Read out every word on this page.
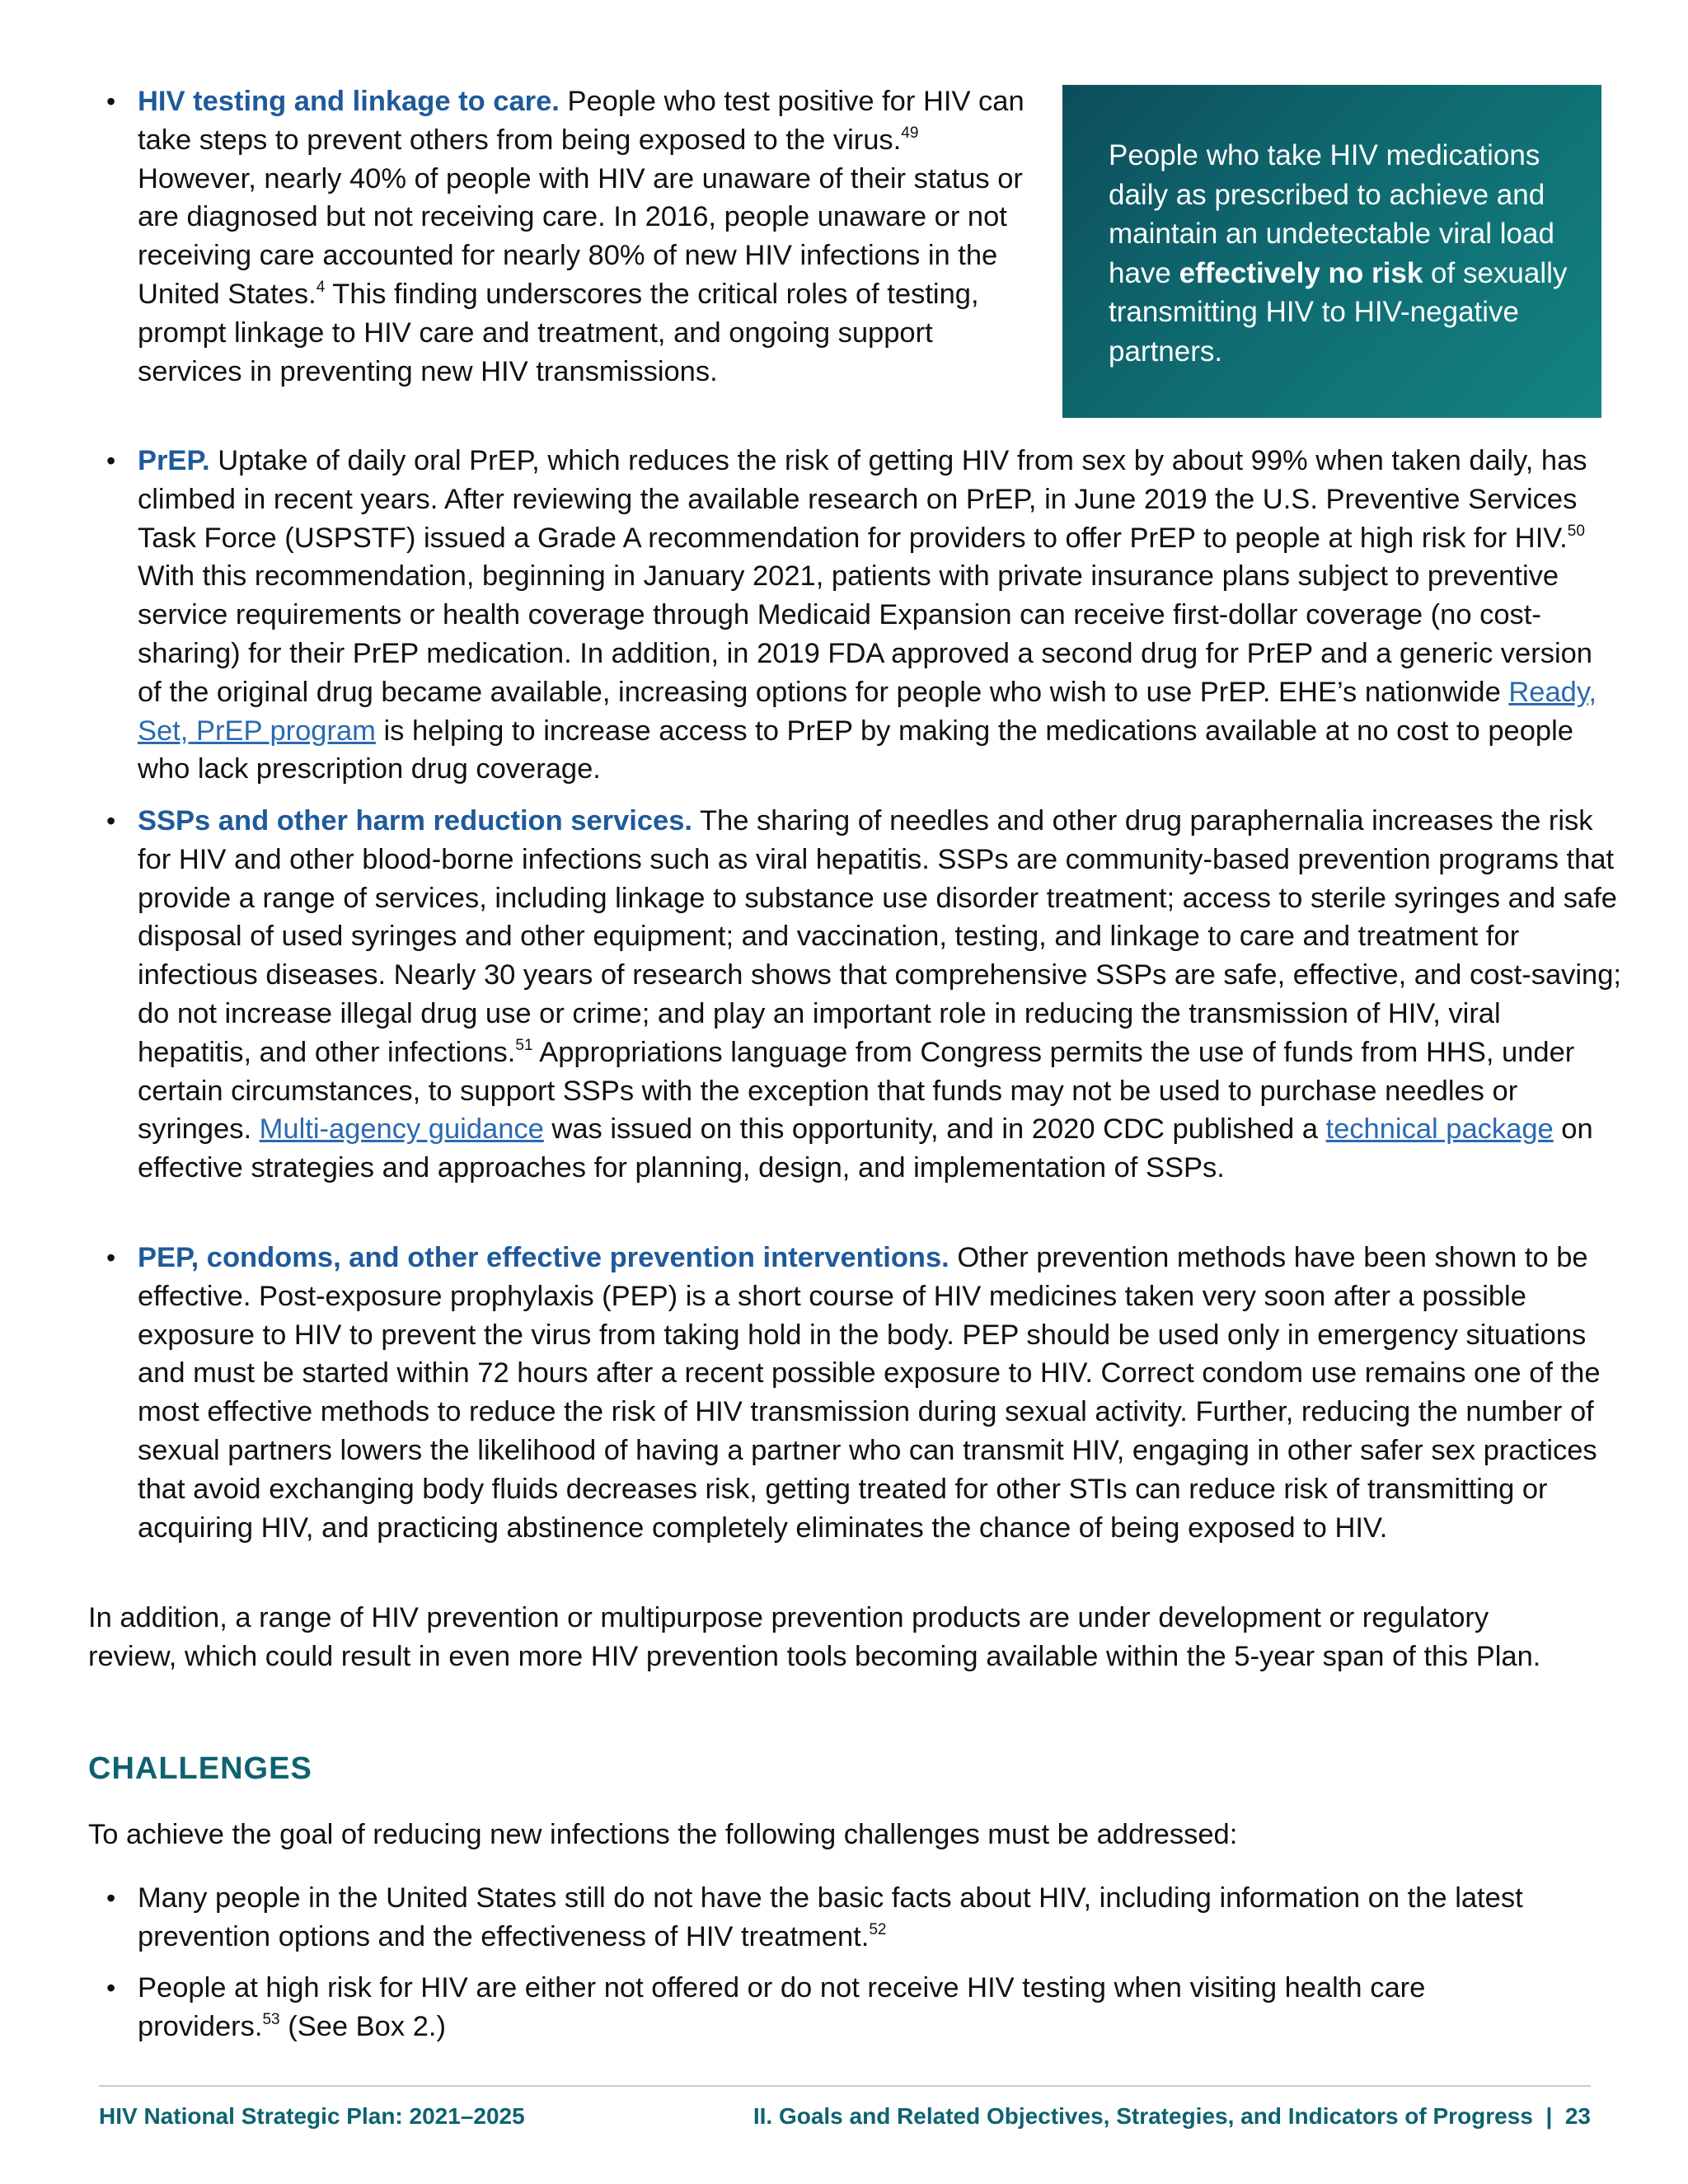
People who take HIV medications daily as prescribed to achieve and maintain an undetectable viral load have effectively no risk of sexually transmitting HIV to HIV-negative partners.
• HIV testing and linkage to care. People who test positive for HIV can take steps to prevent others from being exposed to the virus.$^{49}$ However, nearly 40% of people with HIV are unaware of their status or are diagnosed but not receiving care. In 2016, people unaware or not receiving care accounted for nearly 80% of new HIV infections in the United States.$^4$ This finding underscores the critical roles of testing, prompt linkage to HIV care and treatment, and ongoing support services in preventing new HIV transmissions.
• PrEP. Uptake of daily oral PrEP, which reduces the risk of getting HIV from sex by about 99% when taken daily, has climbed in recent years. After reviewing the available research on PrEP, in June 2019 the U.S. Preventive Services Task Force (USPSTF) issued a Grade A recommendation for providers to offer PrEP to people at high risk for HIV.$^{50}$ With this recommendation, beginning in January 2021, patients with private insurance plans subject to preventive service requirements or health coverage through Medicaid Expansion can receive first-dollar coverage (no cost-sharing) for their PrEP medication. In addition, in 2019 FDA approved a second drug for PrEP and a generic version of the original drug became available, increasing options for people who wish to use PrEP. EHE’s nationwide Ready, Set, PrEP program is helping to increase access to PrEP by making the medications available at no cost to people who lack prescription drug coverage.
• SSPs and other harm reduction services. The sharing of needles and other drug paraphernalia increases the risk for HIV and other blood-borne infections such as viral hepatitis. SSPs are community-based prevention programs that provide a range of services, including linkage to substance use disorder treatment; access to sterile syringes and safe disposal of used syringes and other equipment; and vaccination, testing, and linkage to care and treatment for infectious diseases. Nearly 30 years of research shows that comprehensive SSPs are safe, effective, and cost-saving; do not increase illegal drug use or crime; and play an important role in reducing the transmission of HIV, viral hepatitis, and other infections.$^{51}$ Appropriations language from Congress permits the use of funds from HHS, under certain circumstances, to support SSPs with the exception that funds may not be used to purchase needles or syringes. Multi-agency guidance was issued on this opportunity, and in 2020 CDC published a technical package on effective strategies and approaches for planning, design, and implementation of SSPs.
• PEP, condoms, and other effective prevention interventions. Other prevention methods have been shown to be effective. Post-exposure prophylaxis (PEP) is a short course of HIV medicines taken very soon after a possible exposure to HIV to prevent the virus from taking hold in the body. PEP should be used only in emergency situations and must be started within 72 hours after a recent possible exposure to HIV. Correct condom use remains one of the most effective methods to reduce the risk of HIV transmission during sexual activity. Further, reducing the number of sexual partners lowers the likelihood of having a partner who can transmit HIV, engaging in other safer sex practices that avoid exchanging body fluids decreases risk, getting treated for other STIs can reduce risk of transmitting or acquiring HIV, and practicing abstinence completely eliminates the chance of being exposed to HIV.
In addition, a range of HIV prevention or multipurpose prevention products are under development or regulatory review, which could result in even more HIV prevention tools becoming available within the 5-year span of this Plan.
CHALLENGES
To achieve the goal of reducing new infections the following challenges must be addressed:
• Many people in the United States still do not have the basic facts about HIV, including information on the latest prevention options and the effectiveness of HIV treatment.$^{52}$
• People at high risk for HIV are either not offered or do not receive HIV testing when visiting health care providers.$^{53}$ (See Box 2.)
HIV National Strategic Plan: 2021–2025	II. Goals and Related Objectives, Strategies, and Indicators of Progress  |  23
